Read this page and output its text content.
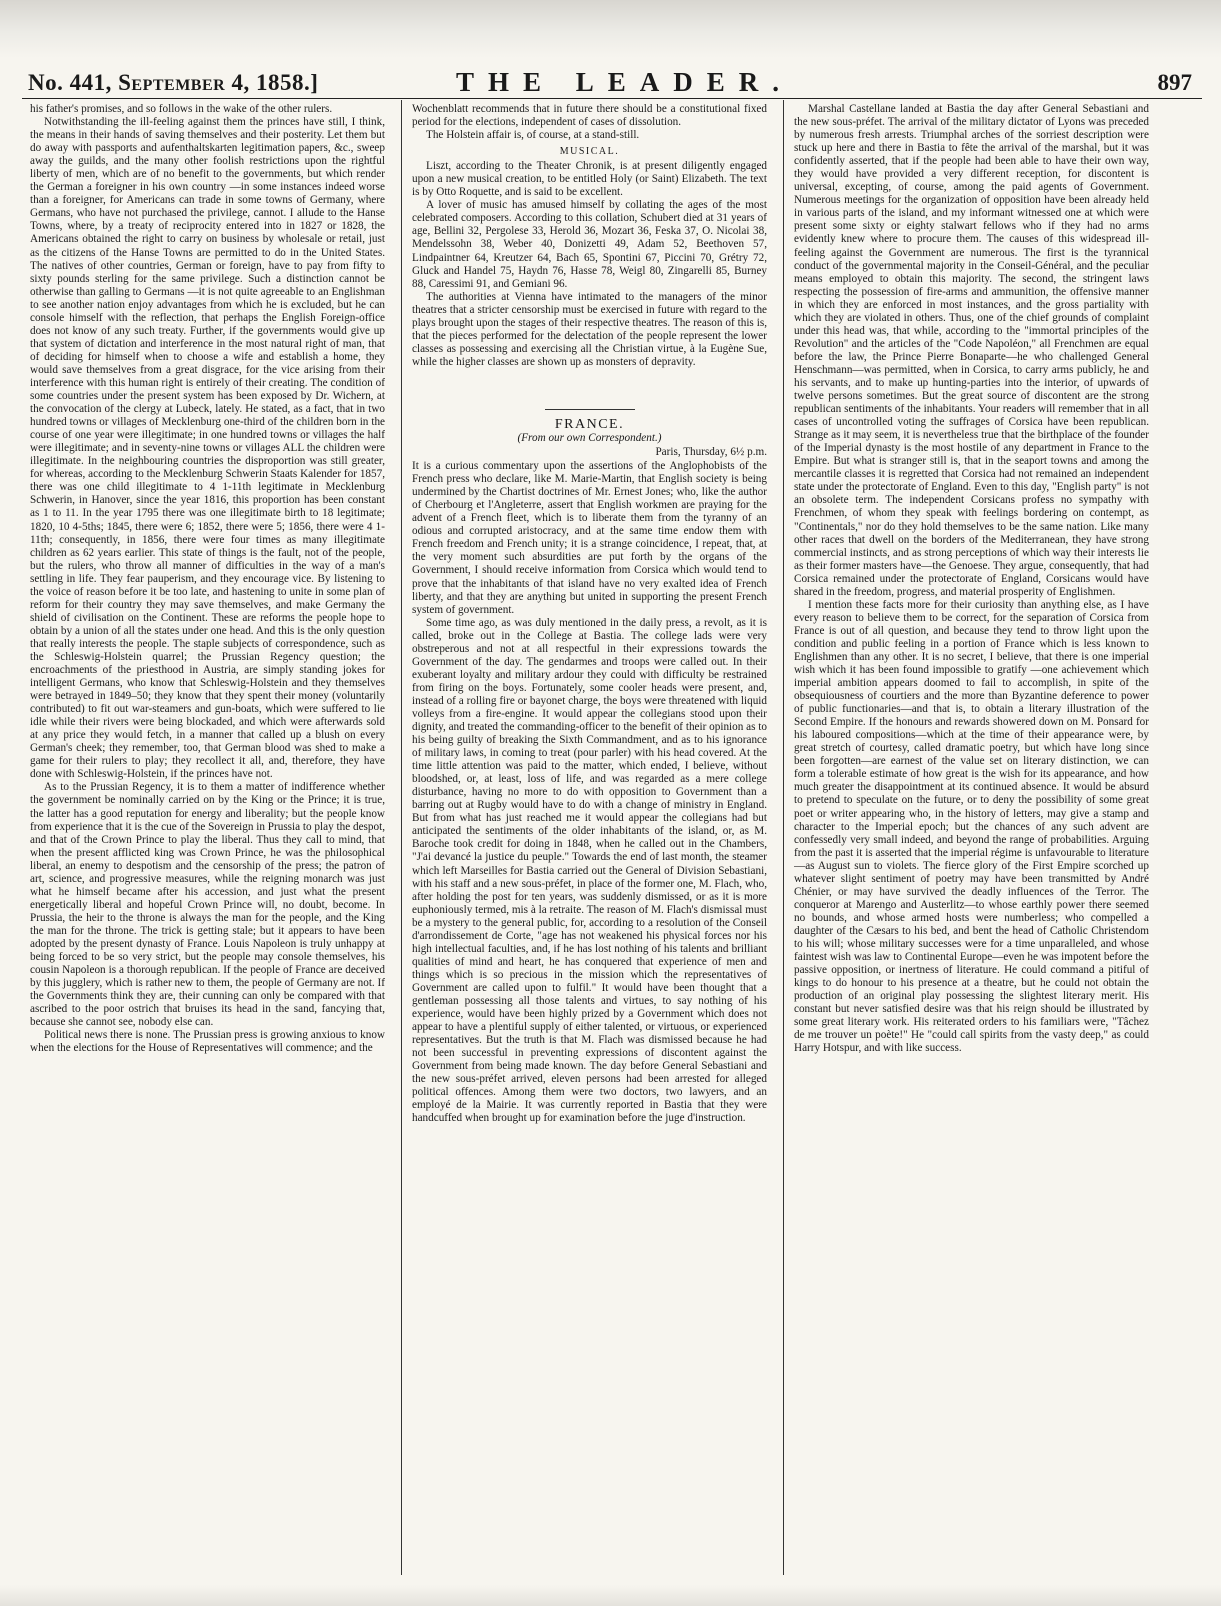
No. 441, September 4, 1858.]	THE LEADER.	897

his father's promises, and so follows in the wake of the other rulers.

Notwithstanding the ill-feeling against them the princes have still, I think, the means in their hands of saving themselves and their posterity. Let them but do away with passports and aufenthaltskarten legitimation papers, &c., sweep away the guilds, and the many other foolish restrictions upon the rightful liberty of men, which are of no benefit to the governments, but which render the German a foreigner in his own country —in some instances indeed worse than a foreigner, for Americans can trade in some towns of Germany, where Germans, who have not purchased the privilege, cannot. I allude to the Hanse Towns, where, by a treaty of reciprocity entered into in 1827 or 1828, the Americans obtained the right to carry on business by wholesale or retail, just as the citizens of the Hanse Towns are permitted to do in the United States. The natives of other countries, German or foreign, have to pay from fifty to sixty pounds sterling for the same privilege. Such a distinction cannot be otherwise than galling to Germans —it is not quite agreeable to an Englishman to see another nation enjoy advantages from which he is excluded, but he can console himself with the reflection, that perhaps the English Foreign-office does not know of any such treaty. Further, if the governments would give up that system of dictation and interference in the most natural right of man, that of deciding for himself when to choose a wife and establish a home, they would save themselves from a great disgrace, for the vice arising from their interference with this human right is entirely of their creating. The condition of some countries under the present system has been exposed by Dr. Wichern, at the convocation of the clergy at Lubeck, lately. He stated, as a fact, that in two hundred towns or villages of Mecklenburg one-third of the children born in the course of one year were illegitimate; in one hundred towns or villages the half were illegitimate; and in seventy-nine towns or villages ALL the children were illegitimate. In the neighbouring countries the disproportion was still greater, for whereas, according to the Mecklenburg Schwerin Staats Kalender for 1857, there was one child illegitimate to 4 1-11th legitimate in Mecklenburg Schwerin, in Hanover, since the year 1816, this proportion has been constant as 1 to 11. In the year 1795 there was one illegitimate birth to 18 legitimate; 1820, 10 4-5ths; 1845, there were 6; 1852, there were 5; 1856, there were 4 1-11th; consequently, in 1856, there were four times as many illegitimate children as 62 years earlier. This state of things is the fault, not of the people, but the rulers, who throw all manner of difficulties in the way of a man's settling in life. They fear pauperism, and they encourage vice. By listening to the voice of reason before it be too late, and hastening to unite in some plan of reform for their country they may save themselves, and make Germany the shield of civilisation on the Continent. These are reforms the people hope to obtain by a union of all the states under one head. And this is the only question that really interests the people. The staple subjects of correspondence, such as the Schleswig-Holstein quarrel; the Prussian Regency question; the encroachments of the priesthood in Austria, are simply standing jokes for intelligent Germans, who know that Schleswig-Holstein and they themselves were betrayed in 1849–50; they know that they spent their money (voluntarily contributed) to fit out war-steamers and gun-boats, which were suffered to lie idle while their rivers were being blockaded, and which were afterwards sold at any price they would fetch, in a manner that called up a blush on every German's cheek; they remember, too, that German blood was shed to make a game for their rulers to play; they recollect it all, and, therefore, they have done with Schleswig-Holstein, if the princes have not.

As to the Prussian Regency, it is to them a matter of indifference whether the government be nominally carried on by the King or the Prince; it is true, the latter has a good reputation for energy and liberality; but the people know from experience that it is the cue of the Sovereign in Prussia to play the despot, and that of the Crown Prince to play the liberal. Thus they call to mind, that when the present afflicted king was Crown Prince, he was the philosophical liberal, an enemy to despotism and the censorship of the press; the patron of art, science, and progressive measures, while the reigning monarch was just what he himself became after his accession, and just what the present energetically liberal and hopeful Crown Prince will, no doubt, become. In Prussia, the heir to the throne is always the man for the people, and the King the man for the throne. The trick is getting stale; but it appears to have been adopted by the present dynasty of France. Louis Napoleon is truly unhappy at being forced to be so very strict, but the people may console themselves, his cousin Napoleon is a thorough republican. If the people of France are deceived by this jugglery, which is rather new to them, the people of Germany are not. If the Governments think they are, their cunning can only be compared with that ascribed to the poor ostrich that bruises its head in the sand, fancying that, because she cannot see, nobody else can.

Political news there is none. The Prussian press is growing anxious to know when the elections for the House of Representatives will commence; and the

Wochenblatt recommends that in future there should be a constitutional fixed period for the elections, independent of cases of dissolution.

The Holstein affair is, of course, at a stand-still.

MUSICAL.

Liszt, according to the Theater Chronik, is at present diligently engaged upon a new musical creation, to be entitled Holy (or Saint) Elizabeth. The text is by Otto Roquette, and is said to be excellent.

A lover of music has amused himself by collating the ages of the most celebrated composers. According to this collation, Schubert died at 31 years of age, Bellini 32, Pergolese 33, Herold 36, Mozart 36, Feska 37, O. Nicolai 38, Mendelssohn 38, Weber 40, Donizetti 49, Adam 52, Beethoven 57, Lindpaintner 64, Kreutzer 64, Bach 65, Spontini 67, Piccini 70, Grétry 72, Gluck and Handel 75, Haydn 76, Hasse 78, Weigl 80, Zingarelli 85, Burney 88, Caressimi 91, and Gemiani 96.

The authorities at Vienna have intimated to the managers of the minor theatres that a stricter censorship must be exercised in future with regard to the plays brought upon the stages of their respective theatres. The reason of this is, that the pieces performed for the delectation of the people represent the lower classes as possessing and exercising all the Christian virtue, à la Eugène Sue, while the higher classes are shown up as monsters of depravity.

FRANCE.
(From our own Correspondent.)
Paris, Thursday, 6½ p.m.

It is a curious commentary upon the assertions of the Anglophobists of the French press who declare, like M. Marie-Martin, that English society is being undermined by the Chartist doctrines of Mr. Ernest Jones; who, like the author of Cherbourg et l'Angleterre, assert that English workmen are praying for the advent of a French fleet, which is to liberate them from the tyranny of an odious and corrupted aristocracy, and at the same time endow them with French freedom and French unity; it is a strange coincidence, I repeat, that, at the very moment such absurdities are put forth by the organs of the Government, I should receive information from Corsica which would tend to prove that the inhabitants of that island have no very exalted idea of French liberty, and that they are anything but united in supporting the present French system of government.

Some time ago, as was duly mentioned in the daily press, a revolt, as it is called, broke out in the College at Bastia. The college lads were very obstreperous and not at all respectful in their expressions towards the Government of the day. The gendarmes and troops were called out. In their exuberant loyalty and military ardour they could with difficulty be restrained from firing on the boys. Fortunately, some cooler heads were present, and, instead of a rolling fire or bayonet charge, the boys were threatened with liquid volleys from a fire-engine. It would appear the collegians stood upon their dignity, and treated the commanding-officer to the benefit of their opinion as to his being guilty of breaking the Sixth Commandment, and as to his ignorance of military laws, in coming to treat (pour parler) with his head covered. At the time little attention was paid to the matter, which ended, I believe, without bloodshed, or, at least, loss of life, and was regarded as a mere college disturbance, having no more to do with opposition to Government than a barring out at Rugby would have to do with a change of ministry in England. But from what has just reached me it would appear the collegians had but anticipated the sentiments of the older inhabitants of the island, or, as M. Baroche took credit for doing in 1848, when he called out in the Chambers, "J'ai devancé la justice du peuple." Towards the end of last month, the steamer which left Marseilles for Bastia carried out the General of Division Sebastiani, with his staff and a new sous-préfet, in place of the former one, M. Flach, who, after holding the post for ten years, was suddenly dismissed, or as it is more euphoniously termed, mis à la retraite. The reason of M. Flach's dismissal must be a mystery to the general public, for, according to a resolution of the Conseil d'arrondissement de Corte, "age has not weakened his physical forces nor his high intellectual faculties, and, if he has lost nothing of his talents and brilliant qualities of mind and heart, he has conquered that experience of men and things which is so precious in the mission which the representatives of Government are called upon to fulfil." It would have been thought that a gentleman possessing all those talents and virtues, to say nothing of his experience, would have been highly prized by a Government which does not appear to have a plentiful supply of either talented, or virtuous, or experienced representatives. But the truth is that M. Flach was dismissed because he had not been successful in preventing expressions of discontent against the Government from being made known. The day before General Sebastiani and the new sous-préfet arrived, eleven persons had been arrested for alleged political offences. Among them were two doctors, two lawyers, and an employé de la Mairie. It was currently reported in Bastia that they were handcuffed when brought up for examination before the juge d'instruction.

Marshal Castellane landed at Bastia the day after General Sebastiani and the new sous-préfet. The arrival of the military dictator of Lyons was preceded by numerous fresh arrests. Triumphal arches of the sorriest description were stuck up here and there in Bastia to fête the arrival of the marshal, but it was confidently asserted, that if the people had been able to have their own way, they would have provided a very different reception, for discontent is universal, excepting, of course, among the paid agents of Government. Numerous meetings for the organization of opposition have been already held in various parts of the island, and my informant witnessed one at which were present some sixty or eighty stalwart fellows who if they had no arms evidently knew where to procure them. The causes of this widespread ill-feeling against the Government are numerous. The first is the tyrannical conduct of the governmental majority in the Conseil-Général, and the peculiar means employed to obtain this majority. The second, the stringent laws respecting the possession of fire-arms and ammunition, the offensive manner in which they are enforced in most instances, and the gross partiality with which they are violated in others. Thus, one of the chief grounds of complaint under this head was, that while, according to the "immortal principles of the Revolution" and the articles of the "Code Napoléon," all Frenchmen are equal before the law, the Prince Pierre Bonaparte—he who challenged General Henschmann—was permitted, when in Corsica, to carry arms publicly, he and his servants, and to make up hunting-parties into the interior, of upwards of twelve persons sometimes. But the great source of discontent are the strong republican sentiments of the inhabitants. Your readers will remember that in all cases of uncontrolled voting the suffrages of Corsica have been republican. Strange as it may seem, it is nevertheless true that the birthplace of the founder of the Imperial dynasty is the most hostile of any department in France to the Empire. But what is stranger still is, that in the seaport towns and among the mercantile classes it is regretted that Corsica had not remained an independent state under the protectorate of England. Even to this day, "English party" is not an obsolete term. The independent Corsicans profess no sympathy with Frenchmen, of whom they speak with feelings bordering on contempt, as "Continentals," nor do they hold themselves to be the same nation. Like many other races that dwell on the borders of the Mediterranean, they have strong commercial instincts, and as strong perceptions of which way their interests lie as their former masters have—the Genoese. They argue, consequently, that had Corsica remained under the protectorate of England, Corsicans would have shared in the freedom, progress, and material prosperity of Englishmen.

I mention these facts more for their curiosity than anything else, as I have every reason to believe them to be correct, for the separation of Corsica from France is out of all question, and because they tend to throw light upon the condition and public feeling in a portion of France which is less known to Englishmen than any other. It is no secret, I believe, that there is one imperial wish which it has been found impossible to gratify —one achievement which imperial ambition appears doomed to fail to accomplish, in spite of the obsequiousness of courtiers and the more than Byzantine deference to power of public functionaries—and that is, to obtain a literary illustration of the Second Empire. If the honours and rewards showered down on M. Ponsard for his laboured compositions—which at the time of their appearance were, by great stretch of courtesy, called dramatic poetry, but which have long since been forgotten—are earnest of the value set on literary distinction, we can form a tolerable estimate of how great is the wish for its appearance, and how much greater the disappointment at its continued absence. It would be absurd to pretend to speculate on the future, or to deny the possibility of some great poet or writer appearing who, in the history of letters, may give a stamp and character to the Imperial epoch; but the chances of any such advent are confessedly very small indeed, and beyond the range of probabilities. Arguing from the past it is asserted that the imperial régime is unfavourable to literature—as August sun to violets. The fierce glory of the First Empire scorched up whatever slight sentiment of poetry may have been transmitted by André Chénier, or may have survived the deadly influences of the Terror. The conqueror at Marengo and Austerlitz—to whose earthly power there seemed no bounds, and whose armed hosts were numberless; who compelled a daughter of the Cæsars to his bed, and bent the head of Catholic Christendom to his will; whose military successes were for a time unparalleled, and whose faintest wish was law to Continental Europe—even he was impotent before the passive opposition, or inertness of literature. He could command a pitiful of kings to do honour to his presence at a theatre, but he could not obtain the production of an original play possessing the slightest literary merit. His constant but never satisfied desire was that his reign should be illustrated by some great literary work. His reiterated orders to his familiars were, "Tâchez de me trouver un poète!" He "could call spirits from the vasty deep," as could Harry Hotspur, and with like success.
